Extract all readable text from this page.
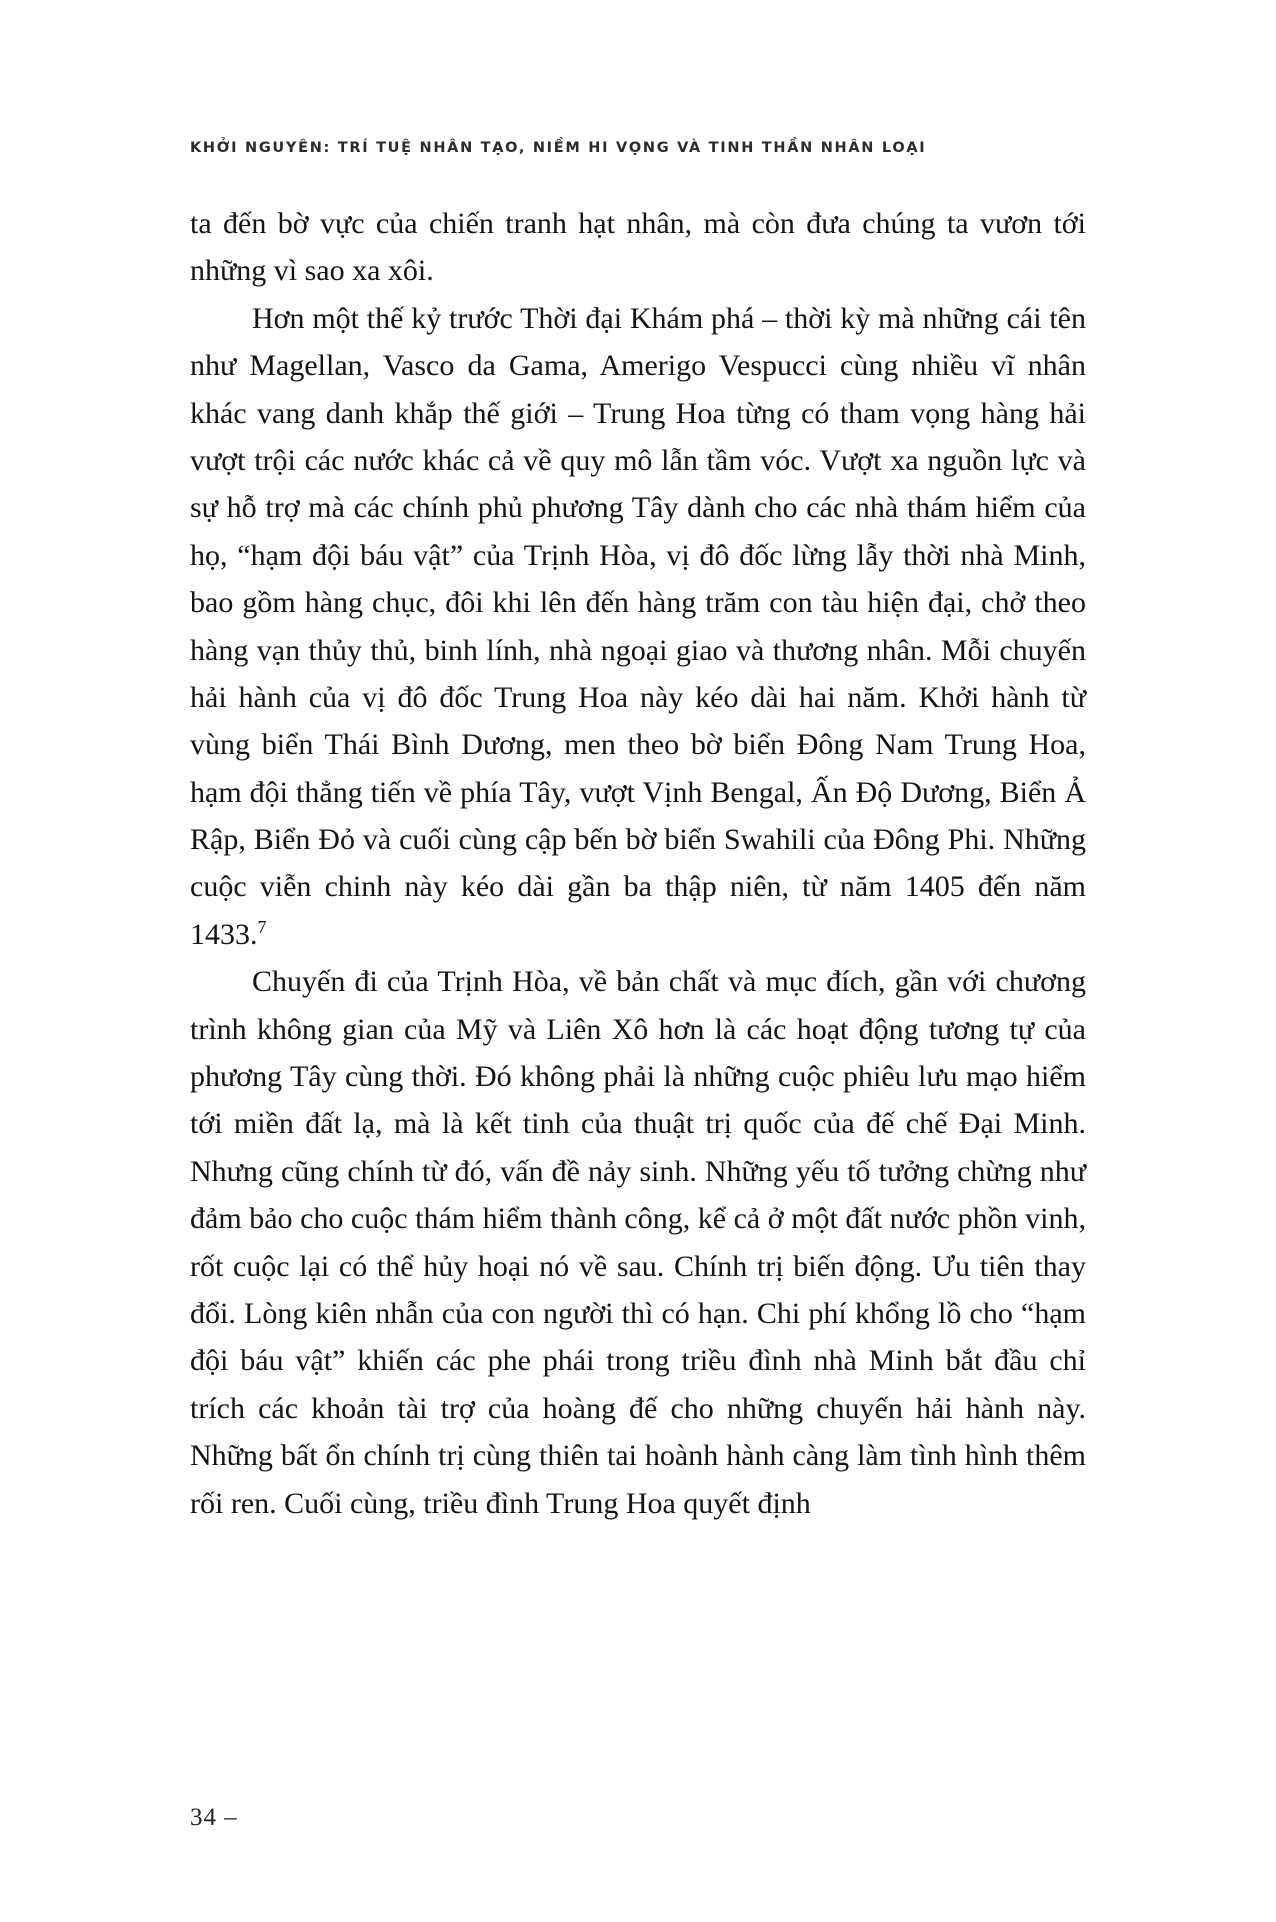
KHỞI NGUYÊN: TRÍ TUỆ NHÂN TẠO, NIỀM HI VỌNG VÀ TINH THẦN NHÂN LOẠI

ta đến bờ vực của chiến tranh hạt nhân, mà còn đưa chúng ta vươn tới những vì sao xa xôi.

Hơn một thế kỷ trước Thời đại Khám phá – thời kỳ mà những cái tên như Magellan, Vasco da Gama, Amerigo Vespucci cùng nhiều vĩ nhân khác vang danh khắp thế giới – Trung Hoa từng có tham vọng hàng hải vượt trội các nước khác cả về quy mô lẫn tầm vóc. Vượt xa nguồn lực và sự hỗ trợ mà các chính phủ phương Tây dành cho các nhà thám hiểm của họ, “hạm đội báu vật” của Trịnh Hòa, vị đô đốc lừng lẫy thời nhà Minh, bao gồm hàng chục, đôi khi lên đến hàng trăm con tàu hiện đại, chở theo hàng vạn thủy thủ, binh lính, nhà ngoại giao và thương nhân. Mỗi chuyến hải hành của vị đô đốc Trung Hoa này kéo dài hai năm. Khởi hành từ vùng biển Thái Bình Dương, men theo bờ biển Đông Nam Trung Hoa, hạm đội thẳng tiến về phía Tây, vượt Vịnh Bengal, Ấn Độ Dương, Biển Ả Rập, Biển Đỏ và cuối cùng cập bến bờ biển Swahili của Đông Phi. Những cuộc viễn chinh này kéo dài gần ba thập niên, từ năm 1405 đến năm 1433.$^7$

Chuyến đi của Trịnh Hòa, về bản chất và mục đích, gần với chương trình không gian của Mỹ và Liên Xô hơn là các hoạt động tương tự của phương Tây cùng thời. Đó không phải là những cuộc phiêu lưu mạo hiểm tới miền đất lạ, mà là kết tinh của thuật trị quốc của đế chế Đại Minh. Nhưng cũng chính từ đó, vấn đề nảy sinh. Những yếu tố tưởng chừng như đảm bảo cho cuộc thám hiểm thành công, kể cả ở một đất nước phồn vinh, rốt cuộc lại có thể hủy hoại nó về sau. Chính trị biến động. Ưu tiên thay đổi. Lòng kiên nhẫn của con người thì có hạn. Chi phí khổng lồ cho “hạm đội báu vật” khiến các phe phái trong triều đình nhà Minh bắt đầu chỉ trích các khoản tài trợ của hoàng đế cho những chuyến hải hành này. Những bất ổn chính trị cùng thiên tai hoành hành càng làm tình hình thêm rối ren. Cuối cùng, triều đình Trung Hoa quyết định

34 –
